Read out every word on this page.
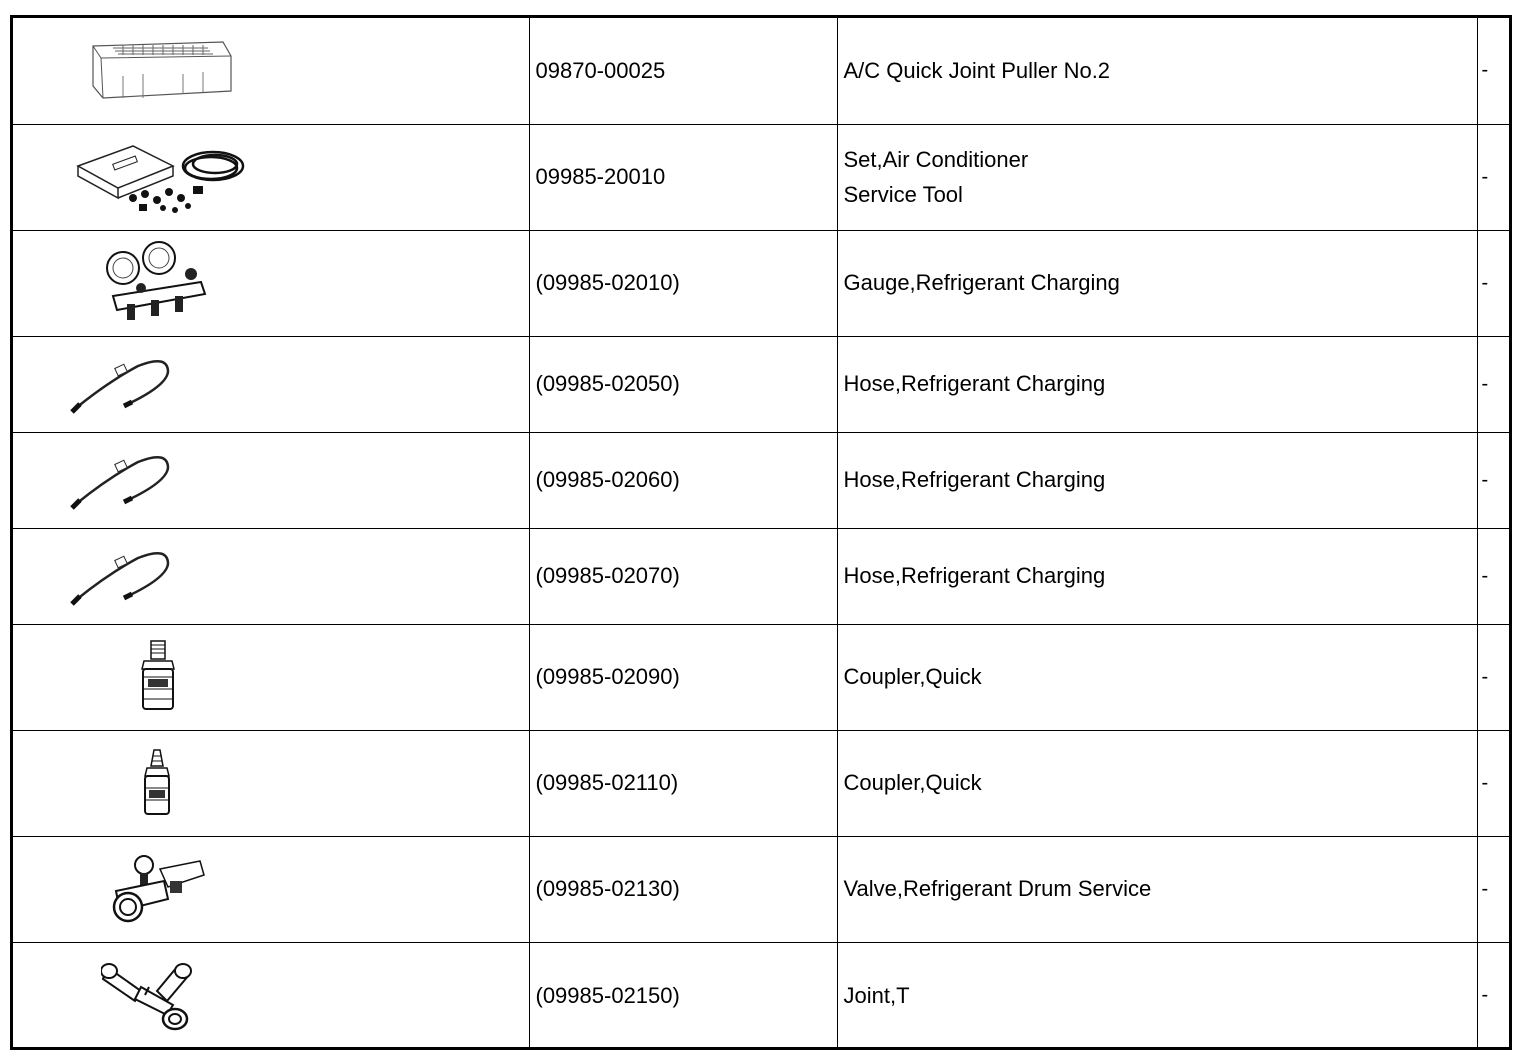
	09870-00025	A/C Quick Joint Puller No.2	-

	09985-20010	Set,Air Conditioner
Service Tool	-

	(09985-02010)	Gauge,Refrigerant Charging	-

	(09985-02050)	Hose,Refrigerant Charging	-

	(09985-02060)	Hose,Refrigerant Charging	-

	(09985-02070)	Hose,Refrigerant Charging	-

	(09985-02090)	Coupler,Quick	-

	(09985-02110)	Coupler,Quick	-

	(09985-02130)	Valve,Refrigerant Drum Service	-

	(09985-02150)	Joint,T	-
